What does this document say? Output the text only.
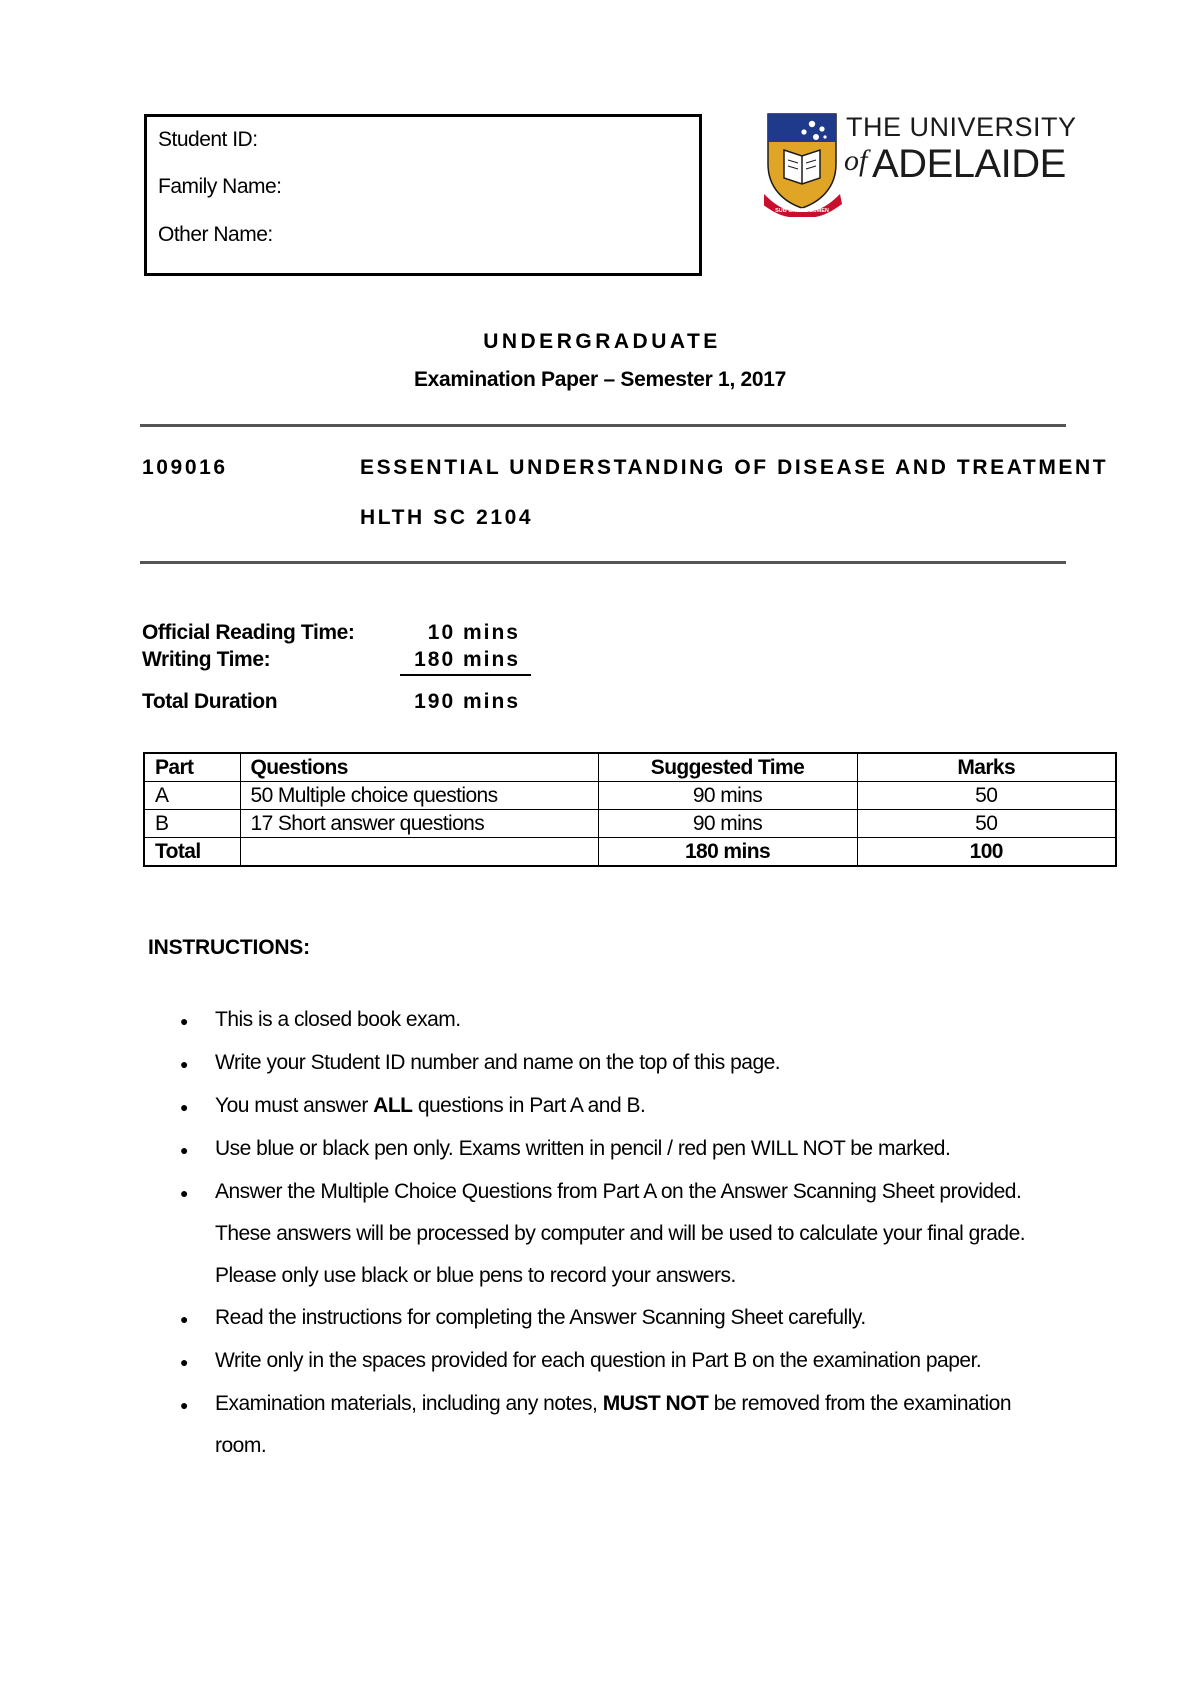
Student ID:
Family Name:
Other Name:
SUB CRUCE LUMEN
THE UNIVERSITY
of ADELAIDE
UNDERGRADUATE
Examination Paper – Semester 1, 2017
109016	ESSENTIAL UNDERSTANDING OF DISEASE AND TREATMENT
HLTH SC 2104
Official Reading Time:	10 mins
Writing Time:	180 mins
Total Duration	190 mins
Part	Questions	Suggested Time	Marks
A	50 Multiple choice questions	90 mins	50
B	17 Short answer questions	90 mins	50
Total		180 mins	100
INSTRUCTIONS:
● This is a closed book exam.
● Write your Student ID number and name on the top of this page.
● You must answer ALL questions in Part A and B.
● Use blue or black pen only. Exams written in pencil / red pen WILL NOT be marked.
● Answer the Multiple Choice Questions from Part A on the Answer Scanning Sheet provided.
These answers will be processed by computer and will be used to calculate your final grade.
Please only use black or blue pens to record your answers.
● Read the instructions for completing the Answer Scanning Sheet carefully.
● Write only in the spaces provided for each question in Part B on the examination paper.
● Examination materials, including any notes, MUST NOT be removed from the examination
room.
